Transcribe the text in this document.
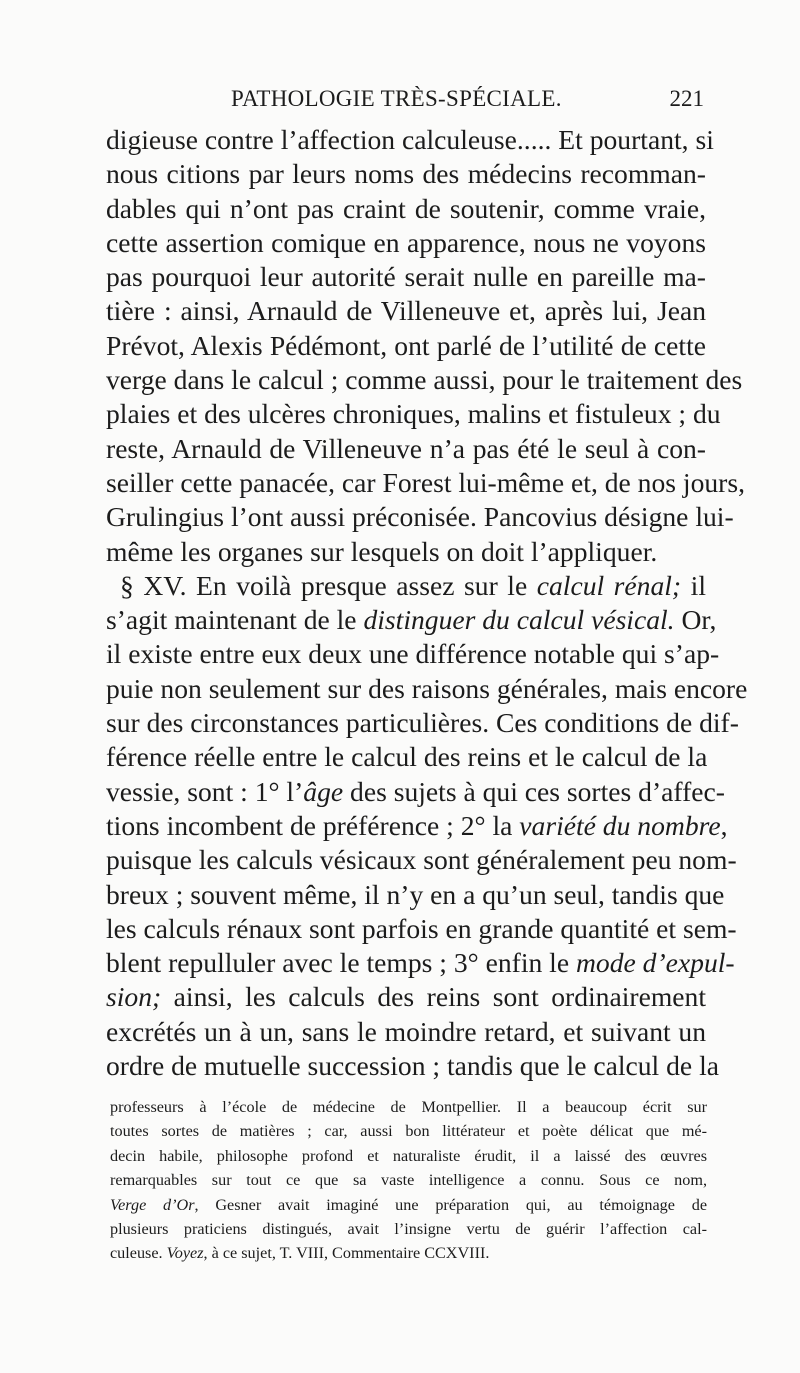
PATHOLOGIE TRÈS-SPÉCIALE.	221
digieuse contre l’affection calculeuse..... Et pourtant, si
nous citions par leurs noms des médecins recomman-
dables qui n’ont pas craint de soutenir, comme vraie,
cette assertion comique en apparence, nous ne voyons
pas pourquoi leur autorité serait nulle en pareille ma-
tière : ainsi, Arnauld de Villeneuve et, après lui, Jean
Prévot, Alexis Pédémont, ont parlé de l’utilité de cette
verge dans le calcul ; comme aussi, pour le traitement des
plaies et des ulcères chroniques, malins et fistuleux ; du
reste, Arnauld de Villeneuve n’a pas été le seul à con-
seiller cette panacée, car Forest lui-même et, de nos jours,
Grulingius l’ont aussi préconisée. Pancovius désigne lui-
même les organes sur lesquels on doit l’appliquer.
§ XV. En voilà presque assez sur le calcul rénal; il
s’agit maintenant de le distinguer du calcul vésical. Or,
il existe entre eux deux une différence notable qui s’ap-
puie non seulement sur des raisons générales, mais encore
sur des circonstances particulières. Ces conditions de dif-
férence réelle entre le calcul des reins et le calcul de la
vessie, sont : 1° l’âge des sujets à qui ces sortes d’affec-
tions incombent de préférence ; 2° la variété du nombre,
puisque les calculs vésicaux sont généralement peu nom-
breux ; souvent même, il n’y en a qu’un seul, tandis que
les calculs rénaux sont parfois en grande quantité et sem-
blent repulluler avec le temps ; 3° enfin le mode d’expul-
sion; ainsi, les calculs des reins sont ordinairement
excrétés un à un, sans le moindre retard, et suivant un
ordre de mutuelle succession ; tandis que le calcul de la
professeurs à l’école de médecine de Montpellier. Il a beaucoup écrit sur
toutes sortes de matières ; car, aussi bon littérateur et poète délicat que mé-
decin habile, philosophe profond et naturaliste érudit, il a laissé des œuvres
remarquables sur tout ce que sa vaste intelligence a connu. Sous ce nom,
Verge d’Or, Gesner avait imaginé une préparation qui, au témoignage de
plusieurs praticiens distingués, avait l’insigne vertu de guérir l’affection cal-
culeuse. Voyez, à ce sujet, T. VIII, Commentaire CCXVIII.
